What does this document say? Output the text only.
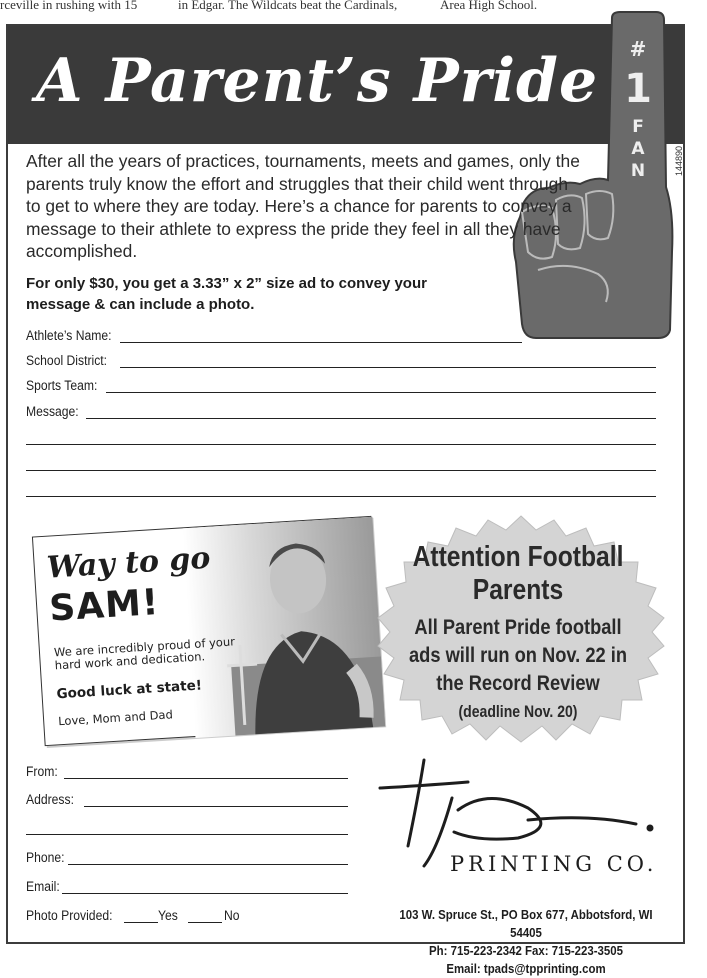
rceville in rushing with 15	in Edgar. The Wildcats beat the Cardinals,	Area High School.
A Parent’s Pride #
1
F
A
N	144890
After all the years of practices, tournaments, meets and games, only the parents truly know the effort and struggles that their child went through to get to where they are today. Here’s a chance for parents to convey a message to their athlete to express the pride they feel in all they have accomplished.
For only $30, you get a 3.33” x 2” size ad to convey your message & can include a photo.
Athlete’s Name:
School District:
Sports Team:
Message:
Way to go
SAM!
We are incredibly proud of your hard work and dedication.
Good luck at state!
Love, Mom and Dad
Attention Football Parents
All Parent Pride football ads will run on Nov. 22 in the Record Review
(deadline Nov. 20)
From:
Address:
Phone:
Email:
Photo Provided:	Yes	No
PRINTING CO.
103 W. Spruce St., PO Box 677, Abbotsford, WI 54405
Ph: 715-223-2342 Fax: 715-223-3505
Email: tpads@tpprinting.com
